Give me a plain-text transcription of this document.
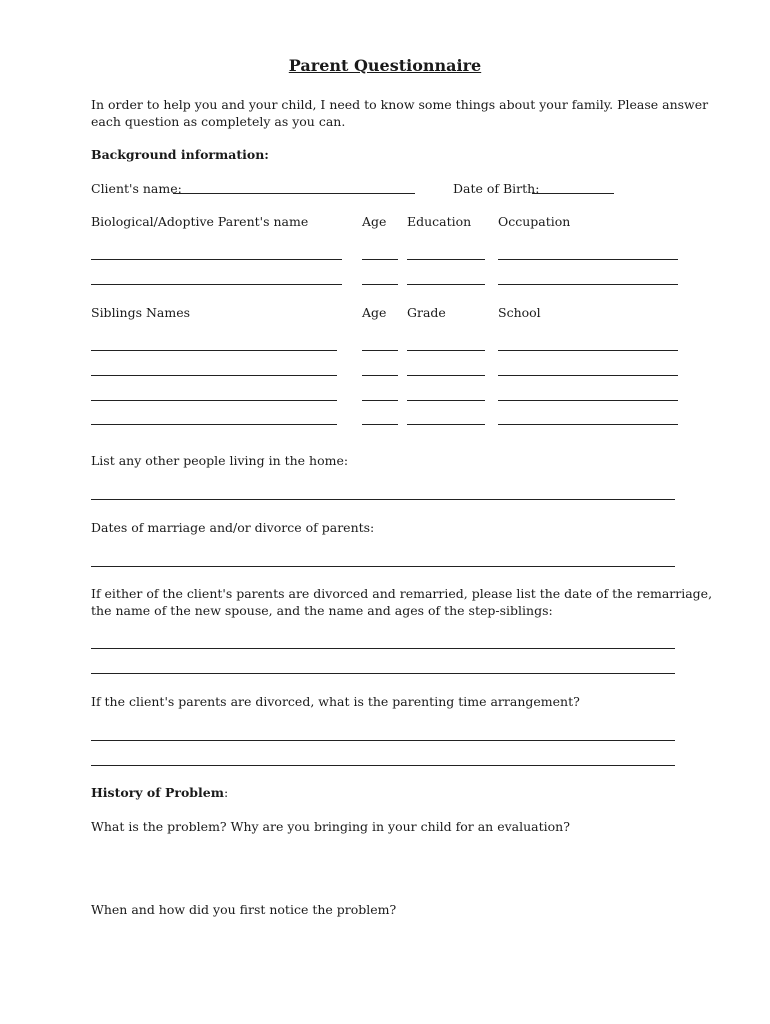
Parent Questionnaire
In order to help you and your child, I need to know some things about your family. Please answer
each question as completely as you can.
Background information:
Client's name:	Date of Birth:
Biological/Adoptive Parent's name	Age Education Occupation
Siblings Names	Age Grade	School
List any other people living in the home:
Dates of marriage and/or divorce of parents:
If either of the client's parents are divorced and remarried, please list the date of the remarriage,
the name of the new spouse, and the name and ages of the step-siblings:
If the client's parents are divorced, what is the parenting time arrangement?
History of Problem:
What is the problem? Why are you bringing in your child for an evaluation?
When and how did you first notice the problem?
